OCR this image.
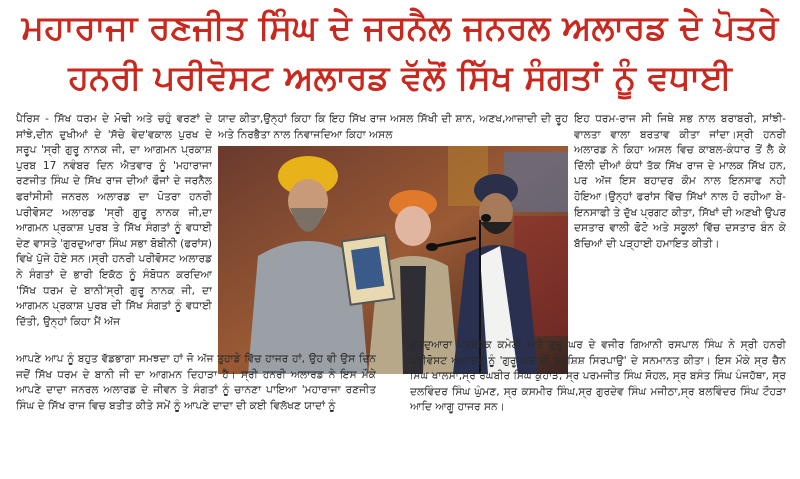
ਮਹਾਰਾਜਾ ਰਣਜੀਤ ਸਿੰਘ ਦੇ ਜਰਨੈਲ ਜਨਰਲ ਅਲਾਰਡ ਦੇ ਪੋਤਰੇ
ਹਨਰੀ ਪਰੀਵੋਸਟ ਅਲਾਰਡ ਵੱਲੋਂ ਸਿੱਖ ਸੰਗਤਾਂ ਨੂੰ ਵਧਾਈ

ਪੈਰਿਸ - ਸਿੱਖ ਧਰਮ ਦੇ ਮੋਢੀ ਅਤੇ ਚਹੁੰ ਵਰਣਾਂ ਦੇ ਸਾਂਝੇ,ਦੀਨ ਦੁਖੀਆਂ ਦੇ 'ਸੱਚੇ ਵੇਦ'ਵਕਾਲ ਪੁਰਖ ਦੇ ਸਰੂਪ 'ਸ੍ਰੀ ਗੁਰੂ ਨਾਨਕ ਜੀ, ਦਾ ਆਗਮਨ ਪ੍ਰਕਾਸ਼ ਪੁਰਬ 17 ਨਵੰਬਰ ਦਿਨ ਐਤਵਾਰ ਨੂੰ 'ਮਹਾਰਾਜਾ ਰਣਜੀਤ ਸਿੰਘ ਦੇ ਸਿੱਖ ਰਾਜ ਦੀਆਂ ਫੌਜਾਂ ਦੇ ਜਰਨੈਲ ਫਰਾਂਸੀਸੀ ਜਨਰਲ ਅਲਾਰਡ ਦਾ ਪੋਤਰਾ ਹਨਰੀ ਪਰੀਵੋਸਟ ਅਲਾਰਡ 'ਸ੍ਰੀ ਗੁਰੂ ਨਾਨਕ ਜੀ,ਦਾ ਆਗਮਨ ਪ੍ਰਕਾਸ਼ ਪੁਰਬ ਤੇ ਸਿੱਖ ਸੰਗਤਾਂ ਨੂੰ ਵਧਾਈ ਦੇਣ ਵਾਸਤੇ 'ਗੁਰਦੁਆਰਾ ਸਿੰਘ ਸਭਾ ਬੋਬੀਨੀ (ਫਰਾਂਸ) ਵਿਖੇ ਪੁੱਜੇ ਹੋਏ ਸਨ।ਸ੍ਰੀ ਹਨਰੀ ਪਰੀਵੋਸਟ ਅਲਾਰਡ ਨੇ ਸੰਗਤਾਂ ਦੇ ਭਾਰੀ ਇਕੱਠ ਨੂੰ ਸੰਬੋਧਨ ਕਰਦਿਆ 'ਸਿੱਖ ਧਰਮ ਦੇ ਬਾਨੀ'ਸ੍ਰੀ ਗੁਰੂ ਨਾਨਕ ਜੀ, ਦਾ ਆਗਮਨ ਪ੍ਰਕਾਸ਼ ਪੁਰਬ ਦੀ ਸਿੱਖ ਸੰਗਤਾਂ ਨੂੰ ਵਧਾਈ ਦਿੱਤੀ, ਉਨ੍ਹਾਂ ਕਿਹਾ ਮੈਂ ਅੱਜ

ਯਾਦ ਕੀਤਾ,ਉਨ੍ਹਾਂ ਕਿਹਾ ਕਿ ਇਹ ਸਿੱਖ ਰਾਜ ਅਸਲ ਸਿੱਖੀ ਦੀ ਸ਼ਾਨ, ਅਣਖ,ਆਜ਼ਾਦੀ ਦੀ ਰੂਹ ਅਤੇ ਨਿਰਭੈਤਾ ਨਾਲ ਨਿਵਾਜਦਿਆ ਕਿਹਾ ਅਸਲ

ਇਹ ਧਰਮ-ਰਾਜ ਸੀ ਜਿਥੇ ਸਭ ਨਾਲ ਬਰਾਬਰੀ, ਸਾਂਝੀ-ਵਾਲਤਾ ਵਾਲਾ ਬਰਤਾਵ ਕੀਤਾ ਜਾਂਦਾ।ਸ੍ਰੀ ਹਨਰੀ ਅਲਾਰਡ ਨੇ ਕਿਹਾ ਅਸਲ ਵਿਚ ਕਾਬਲ-ਕੰਧਾਰ ਤੋਂ ਲੈ ਕੇ ਦਿੱਲੀ ਦੀਆਂ ਕੰਧਾਂ ਤੱਕ ਸਿੱਖ ਰਾਜ ਦੇ ਮਾਲਕ ਸਿੱਖ ਹਨ, ਪਰ ਅੱਜ ਇਸ ਬਹਾਦਰ ਕੌਮ ਨਾਲ ਇਨਸਾਫ ਨਹੀ ਹੋਇਆ।ਉਨ੍ਹਾਂ ਫਰਾਂਸ ਵਿੱਚ ਸਿੱਖਾਂ ਨਾਲ ਹੋ ਰਹੀਆ ਬੇ-ਇਨਸਾਫੀ ਤੇ ਦੁੱਖ ਪ੍ਰਗਟ ਕੀਤਾ, ਸਿੱਖਾਂ ਦੀ ਅਣਖੀ ਉਪਰ ਦਸਤਾਰ ਵਾਲੀ ਫੋਟੋ ਅਤੇ ਸਕੂਲਾਂ ਵਿੱਚ ਦਸਤਾਰ ਬੰਨ ਕੇ ਬੱਚਿਆਂ ਦੀ ਪੜ੍ਹਾਈ ਹਮਾਇਤ ਕੀਤੀ।

ਆਪਣੇ ਆਪ ਨੂੰ ਬਹੁਤ ਵੱਡਭਾਗਾ ਸਮਝਦਾ ਹਾਂ ਜੋ ਅੱਜ ਤੁਹਾਡੇ ਵਿੱਚ ਹਾਜਰ ਹਾਂ, ਉਹ ਵੀ ਉਸ ਦਿਨ ਜਦੋਂ ਸਿੱਖ ਧਰਮ ਦੇ ਬਾਨੀ ਜੀ ਦਾ ਆਗਮਨ ਦਿਹਾੜਾ ਹੈ। ਸ੍ਰੀ ਹਨਰੀ ਅਲਾਰਡ ਨੇ ਇਸ ਮੌਕੇ ਆਪਣੇ ਦਾਦਾ ਜਨਰਲ ਅਲਾਰਡ ਦੇ ਜੀਵਨ ਤੇ ਸੰਗਤਾਂ ਨੂੰ ਚਾਨਣਾ ਪਾਇਆ 'ਮਹਾਰਾਜਾ ਰਣਜੀਤ ਸਿੰਘ ਦੇ ਸਿੱਖ ਰਾਜ ਵਿਚ ਬਤੀਤ ਕੀਤੇ ਸਮੇਂ ਨੂੰ ਆਪਣੇ ਦਾਦਾ ਦੀ ਕਈ ਵਿਲੱਖਣ ਯਾਦਾਂ ਨੂੰ

ਗੁਰਦੁਆਰਾ ਪ੍ਰਬੰਧਕ ਕਮੇਟੀ ਅਤੇ ਗੁਰੂ ਘਰ ਦੇ ਵਜੀਰ ਗਿਆਨੀ ਰਸਪਾਲ ਸਿੰਘ ਨੇ ਸ੍ਰੀ ਹਨਰੀ ਪਰੀਵੋਸਟ ਅਲਾਰਡ ਨੂੰ 'ਗੁਰੂ ਘਰ ਦੀ ਬਖਸ਼ਿਸ਼ ਸਿਰਪਾਉ' ਦੇ ਸਨਮਾਨਤ ਕੀਤਾ। ਇਸ ਮੌਕੇ ਸ੍ਰ ਚੈਨ ਸਿੰਘ ਖਾਲਸਾ,ਸ੍ਰ ਰਘਬੀਰ ਸਿੰਘ ਕੁਹਾੜ, ਸ੍ਰ ਪਰਮਜੀਤ ਸਿੰਘ ਸੋਹਲ, ਸ੍ਰ ਬਸੰਤ ਸਿੰਘ ਪੰਜਹੱਥਾ, ਸ੍ਰ ਦਲਵਿੰਦਰ ਸਿੰਘ ਘੁੰਮਣ, ਸ੍ਰ ਕਸਮੀਰ ਸਿੰਘ,ਸ੍ਰ ਗੁਰਦੇਵ ਸਿੰਘ ਮਜੀਠਾ,ਸ੍ਰ ਬਲਵਿੰਦਰ ਸਿੰਘ ਟੌਹੜਾ ਆਦਿ ਆਗੂ ਹਾਜਰ ਸਨ।
